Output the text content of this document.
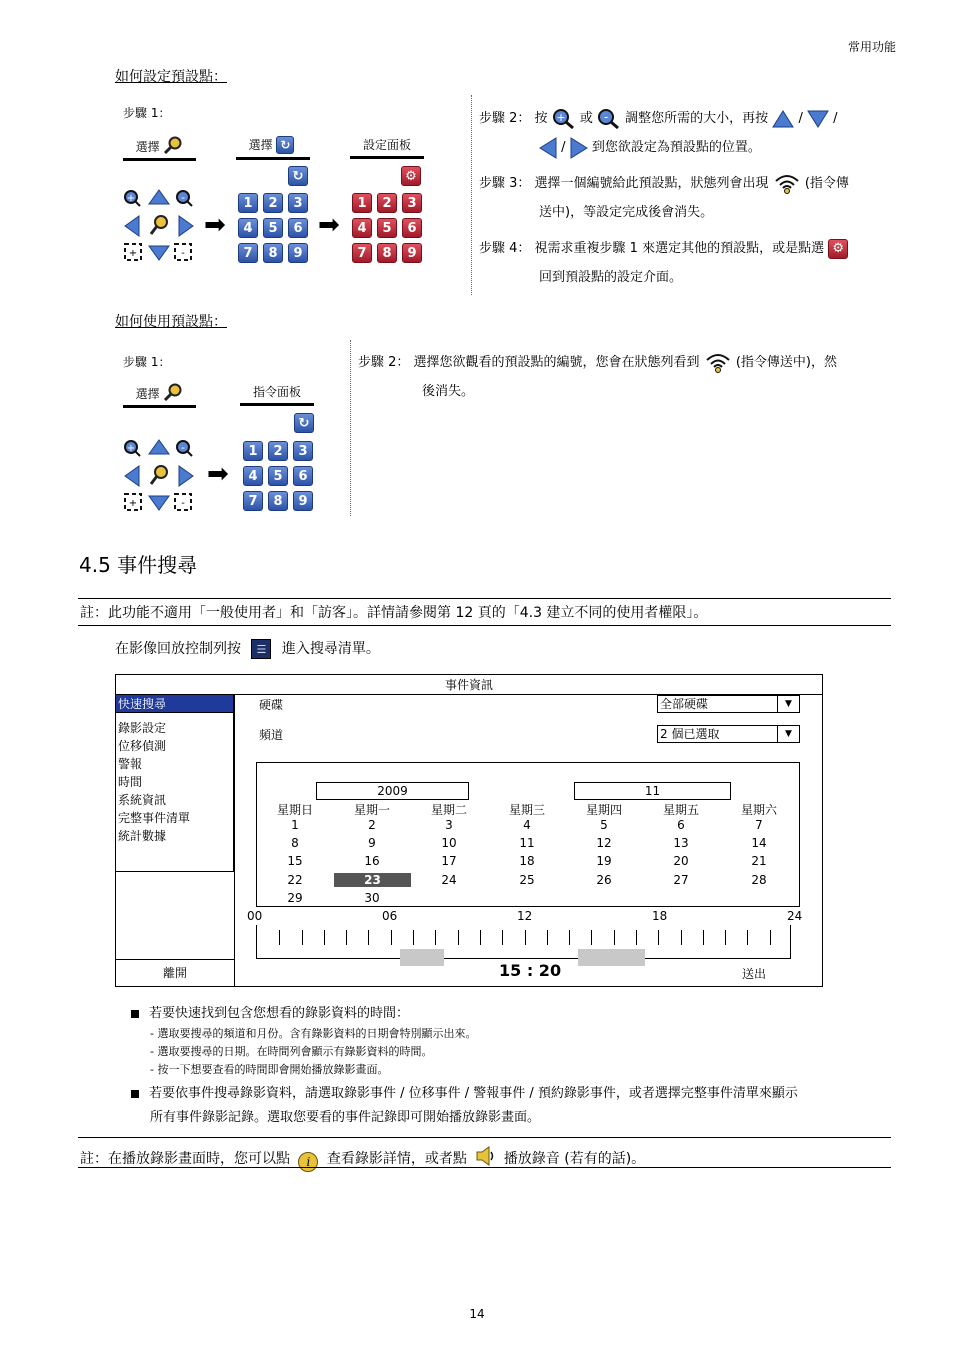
常用功能
如何設定預設點：
步驟 1：
選擇	選擇 ↻	設定面板
+	-
+	-
➡
↻
1	2	3
4	5	6
7	8	9
➡
⚙
1	2	3
4	5	6
7	8	9
步驟 2： 按 + 或 - 調整您所需的大小，再按 / /
/ 到您欲設定為預設點的位置。
步驟 3： 選擇一個編號給此預設點，狀態列會出現	(指令傳
送中)，等設定完成後會消失。
步驟 4： 視需求重複步驟 1 來選定其他的預設點，或是點選 ⚙
回到預設點的設定介面。
如何使用預設點：
步驟 1：
選擇	指令面板
+	-
+	-
➡
↻
1	2	3
4	5	6
7	8	9
步驟 2： 選擇您欲觀看的預設點的編號，您會在狀態列看到	(指令傳送中)，然
後消失。
4.5 事件搜尋
註：此功能不適用「一般使用者」和「訪客」。詳情請參閱第 12 頁的「4.3 建立不同的使用者權限」。
在影像回放控制列按 ☰ 進入搜尋清單。
事件資訊
快速搜尋
錄影設定
位移偵測
警報
時間
系統資訊
完整事件清單
統計數據
離開
硬碟	全部硬碟	▼
頻道	2 個已選取	▼
2009	11
星期日	星期一	星期二	星期三	星期四	星期五	星期六
1	2	3	4	5	6	7
8	9	10	11	12	13	14
15	16	17	18	19	20	21
22	23	24	25	26	27	28
29	30
00	06	12	18	24
15 : 20	送出
若要快速找到包含您想看的錄影資料的時間：
- 選取要搜尋的頻道和月份。含有錄影資料的日期會特別顯示出來。
- 選取要搜尋的日期。在時間列會顯示有錄影資料的時間。
- 按一下想要查看的時間即會開始播放錄影畫面。
若要依事件搜尋錄影資料，請選取錄影事件 / 位移事件 / 警報事件 / 預約錄影事件，或者選擇完整事件清單來顯示
所有事件錄影記錄。選取您要看的事件記錄即可開始播放錄影畫面。
註：在播放錄影畫面時，您可以點 i 查看錄影詳情，或者點	播放錄音 (若有的話)。
14
